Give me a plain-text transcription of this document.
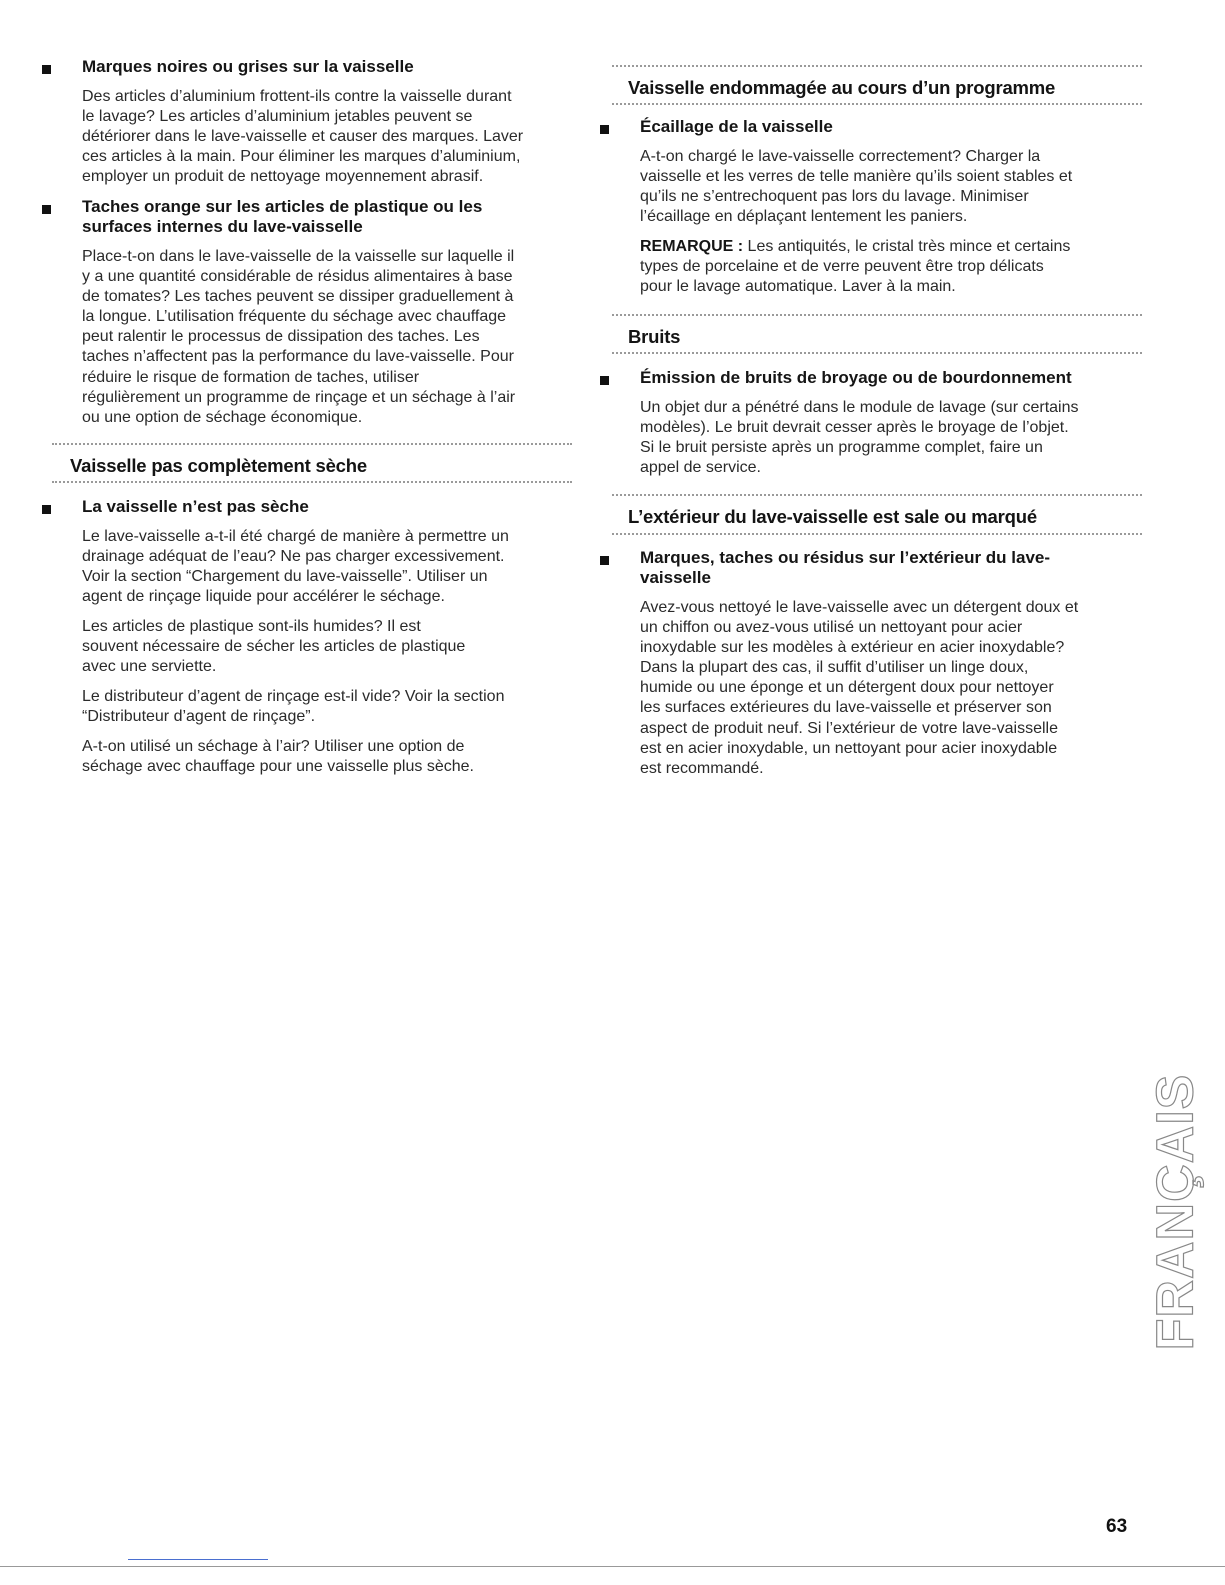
Marques noires ou grises sur la vaisselle
Des articles d’aluminium frottent-ils contre la vaisselle durant
le lavage? Les articles d’aluminium jetables peuvent se
détériorer dans le lave-vaisselle et causer des marques. Laver
ces articles à la main. Pour éliminer les marques d’aluminium,
employer un produit de nettoyage moyennement abrasif.
Taches orange sur les articles de plastique ou les
surfaces internes du lave-vaisselle
Place-t-on dans le lave-vaisselle de la vaisselle sur laquelle il
y a une quantité considérable de résidus alimentaires à base
de tomates? Les taches peuvent se dissiper graduellement à
la longue. L’utilisation fréquente du séchage avec chauffage
peut ralentir le processus de dissipation des taches. Les
taches n’affectent pas la performance du lave-vaisselle. Pour
réduire le risque de formation de taches, utiliser
régulièrement un programme de rinçage et un séchage à l’air
ou une option de séchage économique.
Vaisselle pas complètement sèche
La vaisselle n’est pas sèche
Le lave-vaisselle a-t-il été chargé de manière à permettre un
drainage adéquat de l’eau? Ne pas charger excessivement.
Voir la section “Chargement du lave-vaisselle”. Utiliser un
agent de rinçage liquide pour accélérer le séchage.
Les articles de plastique sont-ils humides? Il est
souvent nécessaire de sécher les articles de plastique
avec une serviette.
Le distributeur d’agent de rinçage est-il vide? Voir la section
“Distributeur d’agent de rinçage”.
A-t-on utilisé un séchage à l’air? Utiliser une option de
séchage avec chauffage pour une vaisselle plus sèche.
Vaisselle endommagée au cours d’un programme
Écaillage de la vaisselle
A-t-on chargé le lave-vaisselle correctement? Charger la
vaisselle et les verres de telle manière qu’ils soient stables et
qu’ils ne s’entrechoquent pas lors du lavage. Minimiser
l’écaillage en déplaçant lentement les paniers.
REMARQUE : Les antiquités, le cristal très mince et certains
types de porcelaine et de verre peuvent être trop délicats
pour le lavage automatique. Laver à la main.
Bruits
Émission de bruits de broyage ou de bourdonnement
Un objet dur a pénétré dans le module de lavage (sur certains
modèles). Le bruit devrait cesser après le broyage de l’objet.
Si le bruit persiste après un programme complet, faire un
appel de service.
L’extérieur du lave-vaisselle est sale ou marqué
Marques, taches ou résidus sur l’extérieur du lave-
vaisselle
Avez-vous nettoyé le lave-vaisselle avec un détergent doux et
un chiffon ou avez-vous utilisé un nettoyant pour acier
inoxydable sur les modèles à extérieur en acier inoxydable?
Dans la plupart des cas, il suffit d’utiliser un linge doux,
humide ou une éponge et un détergent doux pour nettoyer
les surfaces extérieures du lave-vaisselle et préserver son
aspect de produit neuf. Si l’extérieur de votre lave-vaisselle
est en acier inoxydable, un nettoyant pour acier inoxydable
est recommandé.
FRANÇAIS
63
